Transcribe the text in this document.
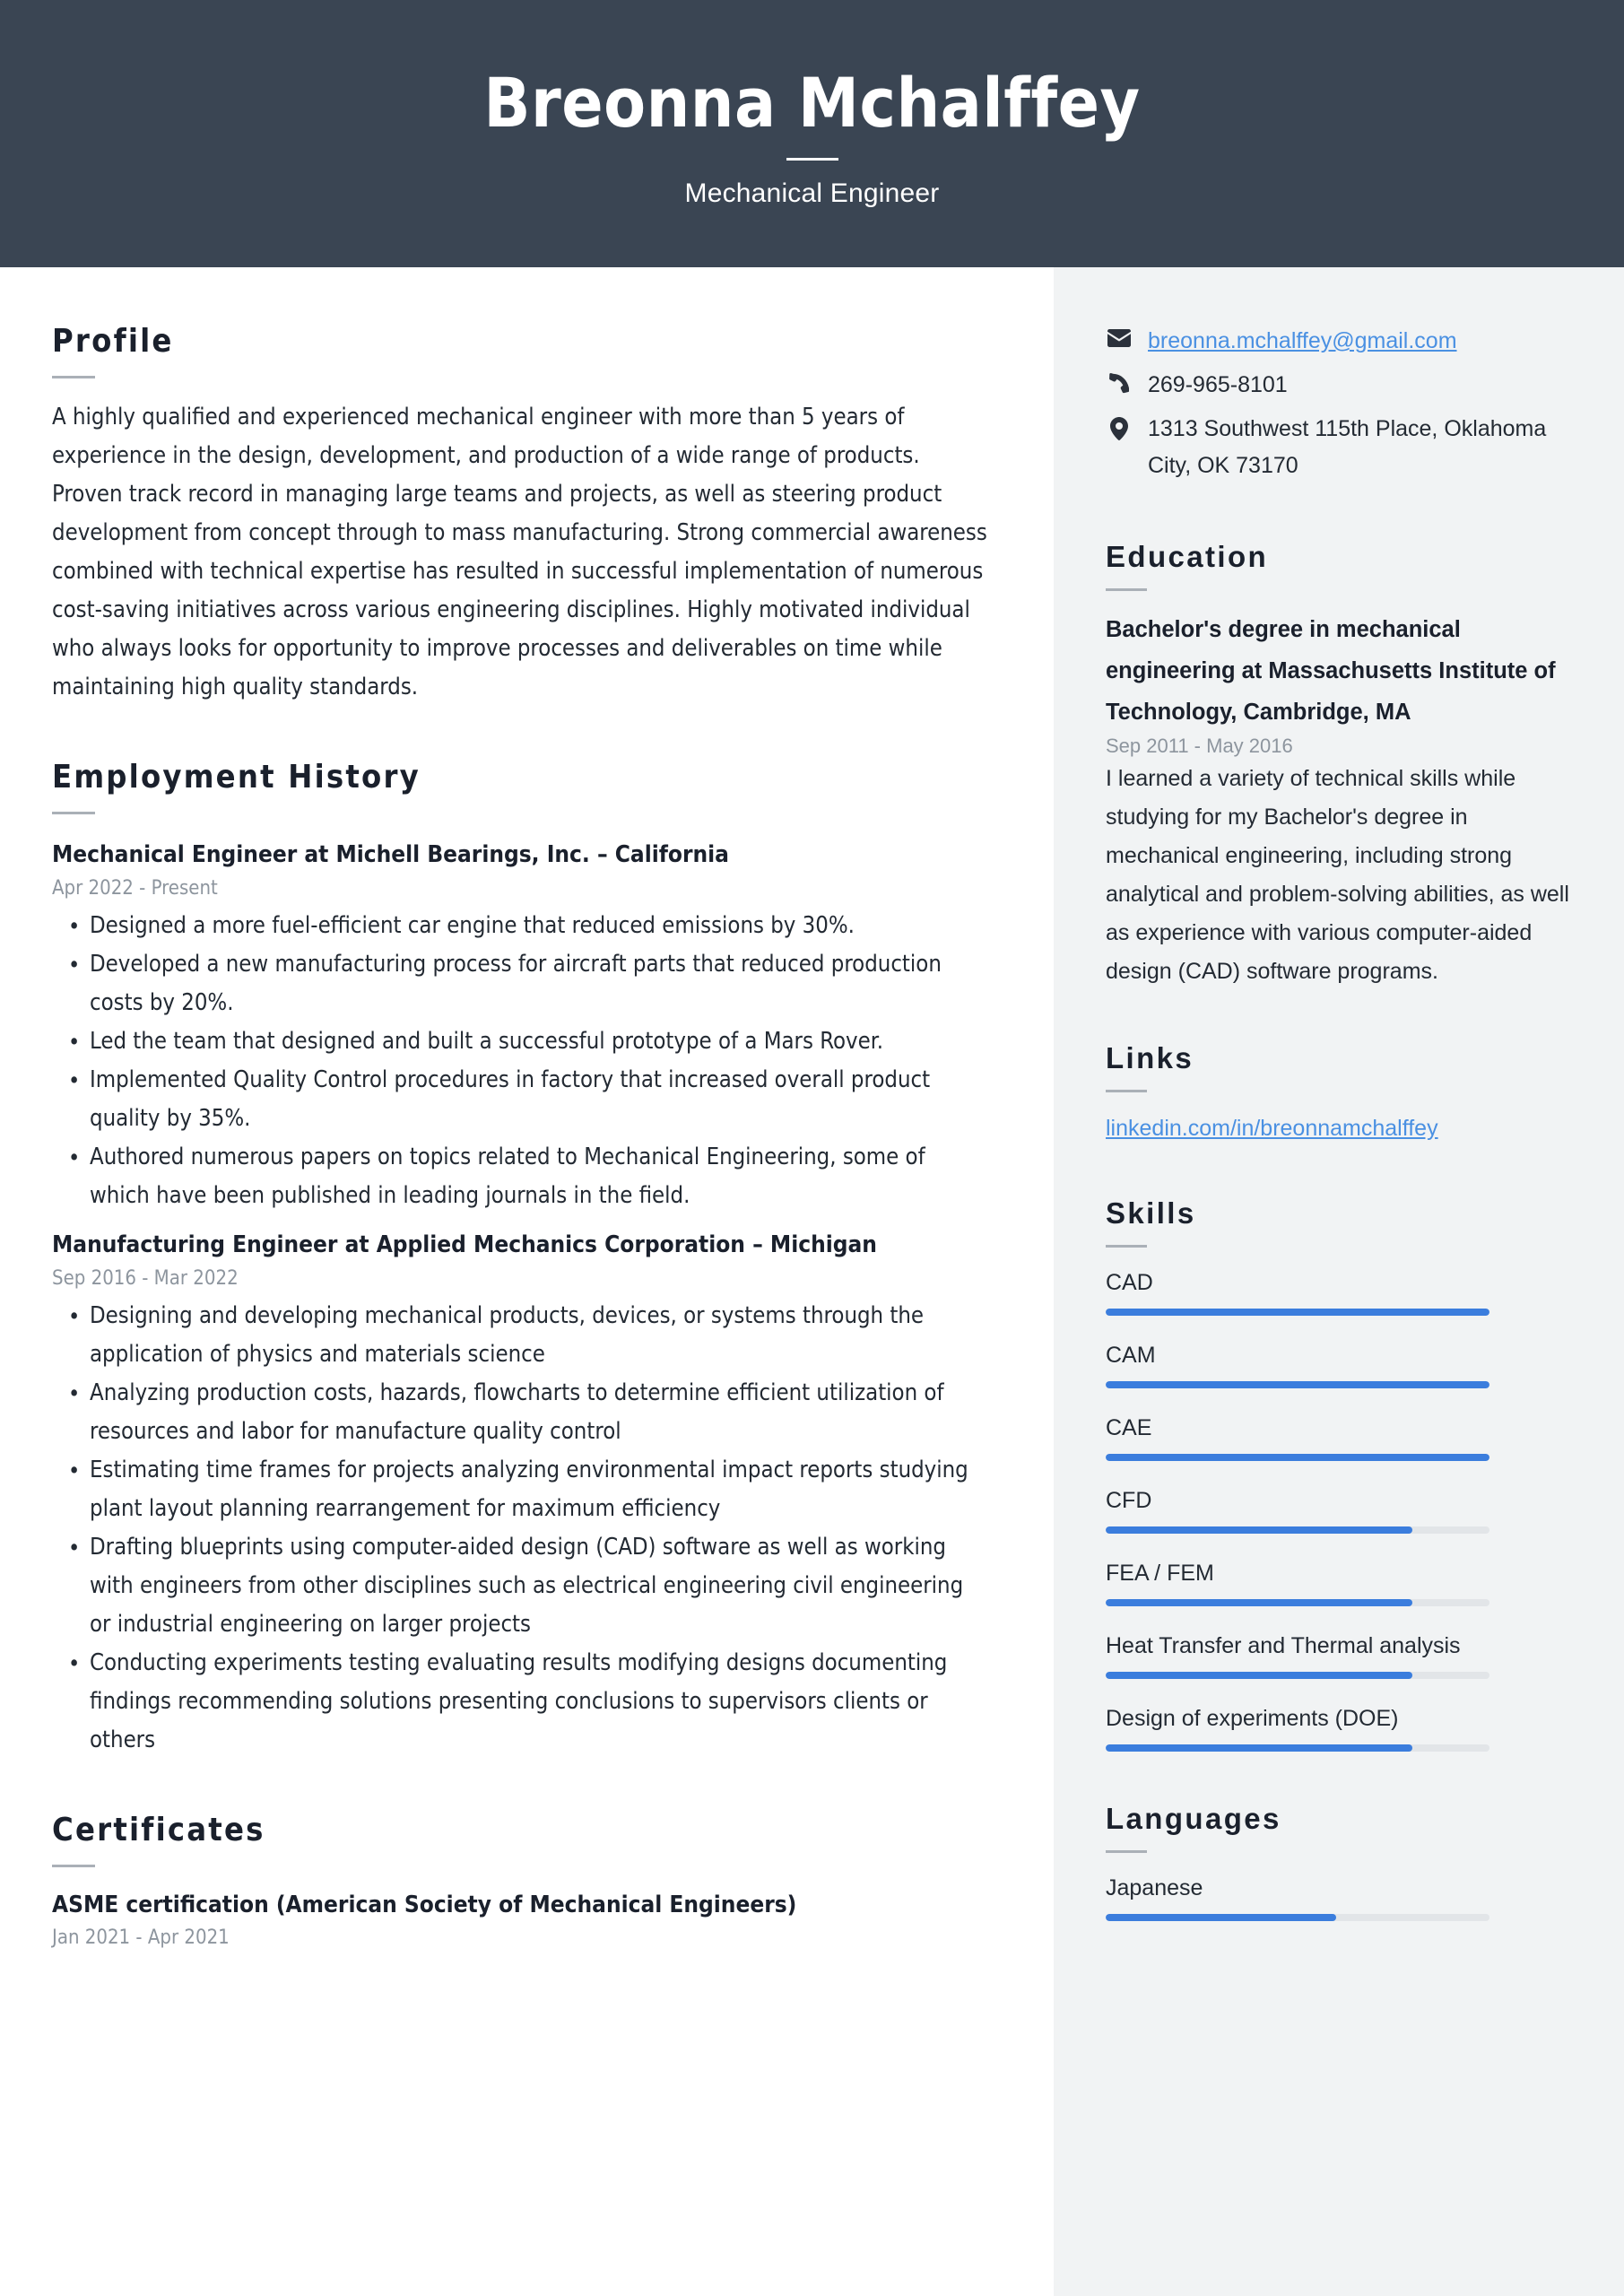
Breonna Mchalffey
Mechanical Engineer
Profile
A highly qualified and experienced mechanical engineer with more than 5 years of experience in the design, development, and production of a wide range of products. Proven track record in managing large teams and projects, as well as steering product development from concept through to mass manufacturing. Strong commercial awareness combined with technical expertise has resulted in successful implementation of numerous cost-saving initiatives across various engineering disciplines. Highly motivated individual who always looks for opportunity to improve processes and deliverables on time while maintaining high quality standards.
Employment History
Mechanical Engineer at Michell Bearings, Inc. – California
Apr 2022 - Present
• Designed a more fuel-efficient car engine that reduced emissions by 30%.
• Developed a new manufacturing process for aircraft parts that reduced production costs by 20%.
• Led the team that designed and built a successful prototype of a Mars Rover.
• Implemented Quality Control procedures in factory that increased overall product quality by 35%.
• Authored numerous papers on topics related to Mechanical Engineering, some of which have been published in leading journals in the field.
Manufacturing Engineer at Applied Mechanics Corporation – Michigan
Sep 2016 - Mar 2022
• Designing and developing mechanical products, devices, or systems through the application of physics and materials science
• Analyzing production costs, hazards, flowcharts to determine efficient utilization of resources and labor for manufacture quality control
• Estimating time frames for projects analyzing environmental impact reports studying plant layout planning rearrangement for maximum efficiency
• Drafting blueprints using computer-aided design (CAD) software as well as working with engineers from other disciplines such as electrical engineering civil engineering or industrial engineering on larger projects
• Conducting experiments testing evaluating results modifying designs documenting findings recommending solutions presenting conclusions to supervisors clients or others
Certificates
ASME certification (American Society of Mechanical Engineers)
Jan 2021 - Apr 2021
breonna.mchalffey@gmail.com
269-965-8101
1313 Southwest 115th Place, Oklahoma City, OK 73170
Education
Bachelor's degree in mechanical engineering at Massachusetts Institute of Technology, Cambridge, MA
Sep 2011 - May 2016
I learned a variety of technical skills while studying for my Bachelor's degree in mechanical engineering, including strong analytical and problem-solving abilities, as well as experience with various computer-aided design (CAD) software programs.
Links
linkedin.com/in/breonnamchalffey
Skills
CAD
CAM
CAE
CFD
FEA / FEM
Heat Transfer and Thermal analysis
Design of experiments (DOE)
Languages
Japanese
